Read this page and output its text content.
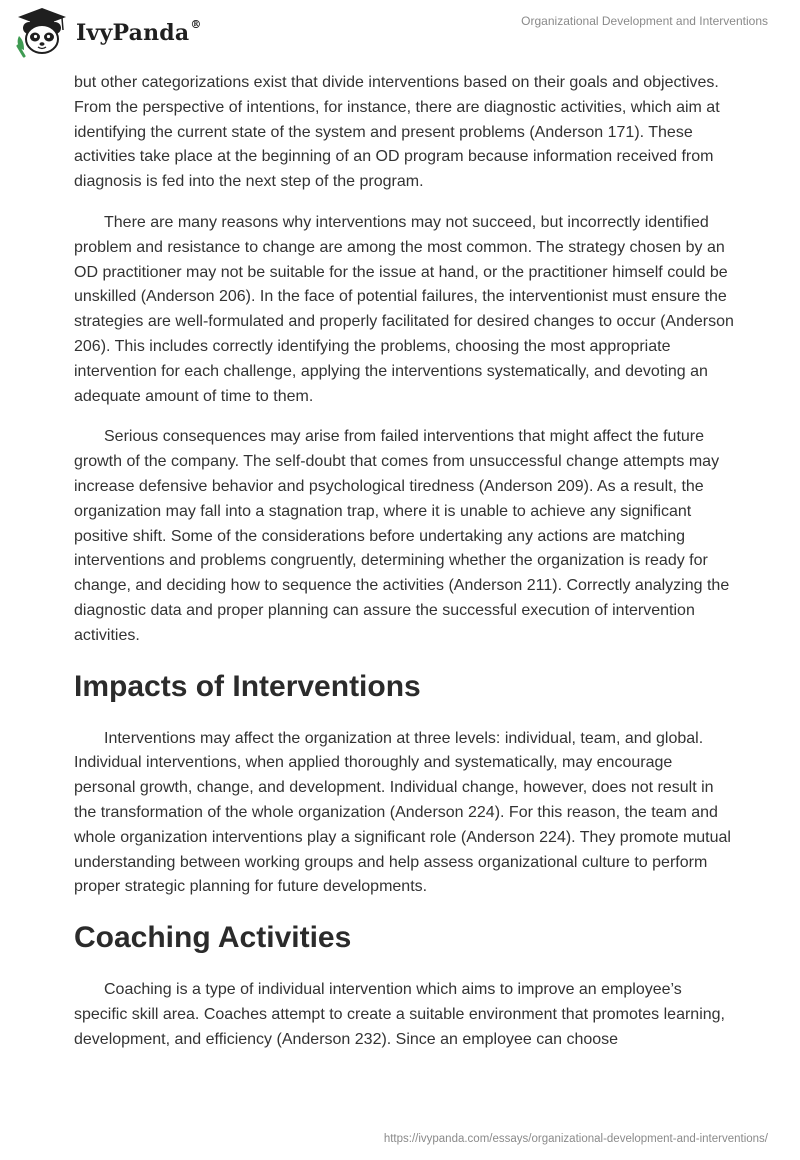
IvyPanda®	Organizational Development and Interventions

but other categorizations exist that divide interventions based on their goals and objectives. From the perspective of intentions, for instance, there are diagnostic activities, which aim at identifying the current state of the system and present problems (Anderson 171). These activities take place at the beginning of an OD program because information received from diagnosis is fed into the next step of the program.

There are many reasons why interventions may not succeed, but incorrectly identified problem and resistance to change are among the most common. The strategy chosen by an OD practitioner may not be suitable for the issue at hand, or the practitioner himself could be unskilled (Anderson 206). In the face of potential failures, the interventionist must ensure the strategies are well-formulated and properly facilitated for desired changes to occur (Anderson 206). This includes correctly identifying the problems, choosing the most appropriate intervention for each challenge, applying the interventions systematically, and devoting an adequate amount of time to them.

Serious consequences may arise from failed interventions that might affect the future growth of the company. The self-doubt that comes from unsuccessful change attempts may increase defensive behavior and psychological tiredness (Anderson 209). As a result, the organization may fall into a stagnation trap, where it is unable to achieve any significant positive shift. Some of the considerations before undertaking any actions are matching interventions and problems congruently, determining whether the organization is ready for change, and deciding how to sequence the activities (Anderson 211). Correctly analyzing the diagnostic data and proper planning can assure the successful execution of intervention activities.

Impacts of Interventions

Interventions may affect the organization at three levels: individual, team, and global. Individual interventions, when applied thoroughly and systematically, may encourage personal growth, change, and development. Individual change, however, does not result in the transformation of the whole organization (Anderson 224). For this reason, the team and whole organization interventions play a significant role (Anderson 224). They promote mutual understanding between working groups and help assess organizational culture to perform proper strategic planning for future developments.

Coaching Activities

Coaching is a type of individual intervention which aims to improve an employee’s specific skill area. Coaches attempt to create a suitable environment that promotes learning, development, and efficiency (Anderson 232). Since an employee can choose

https://ivypanda.com/essays/organizational-development-and-interventions/
